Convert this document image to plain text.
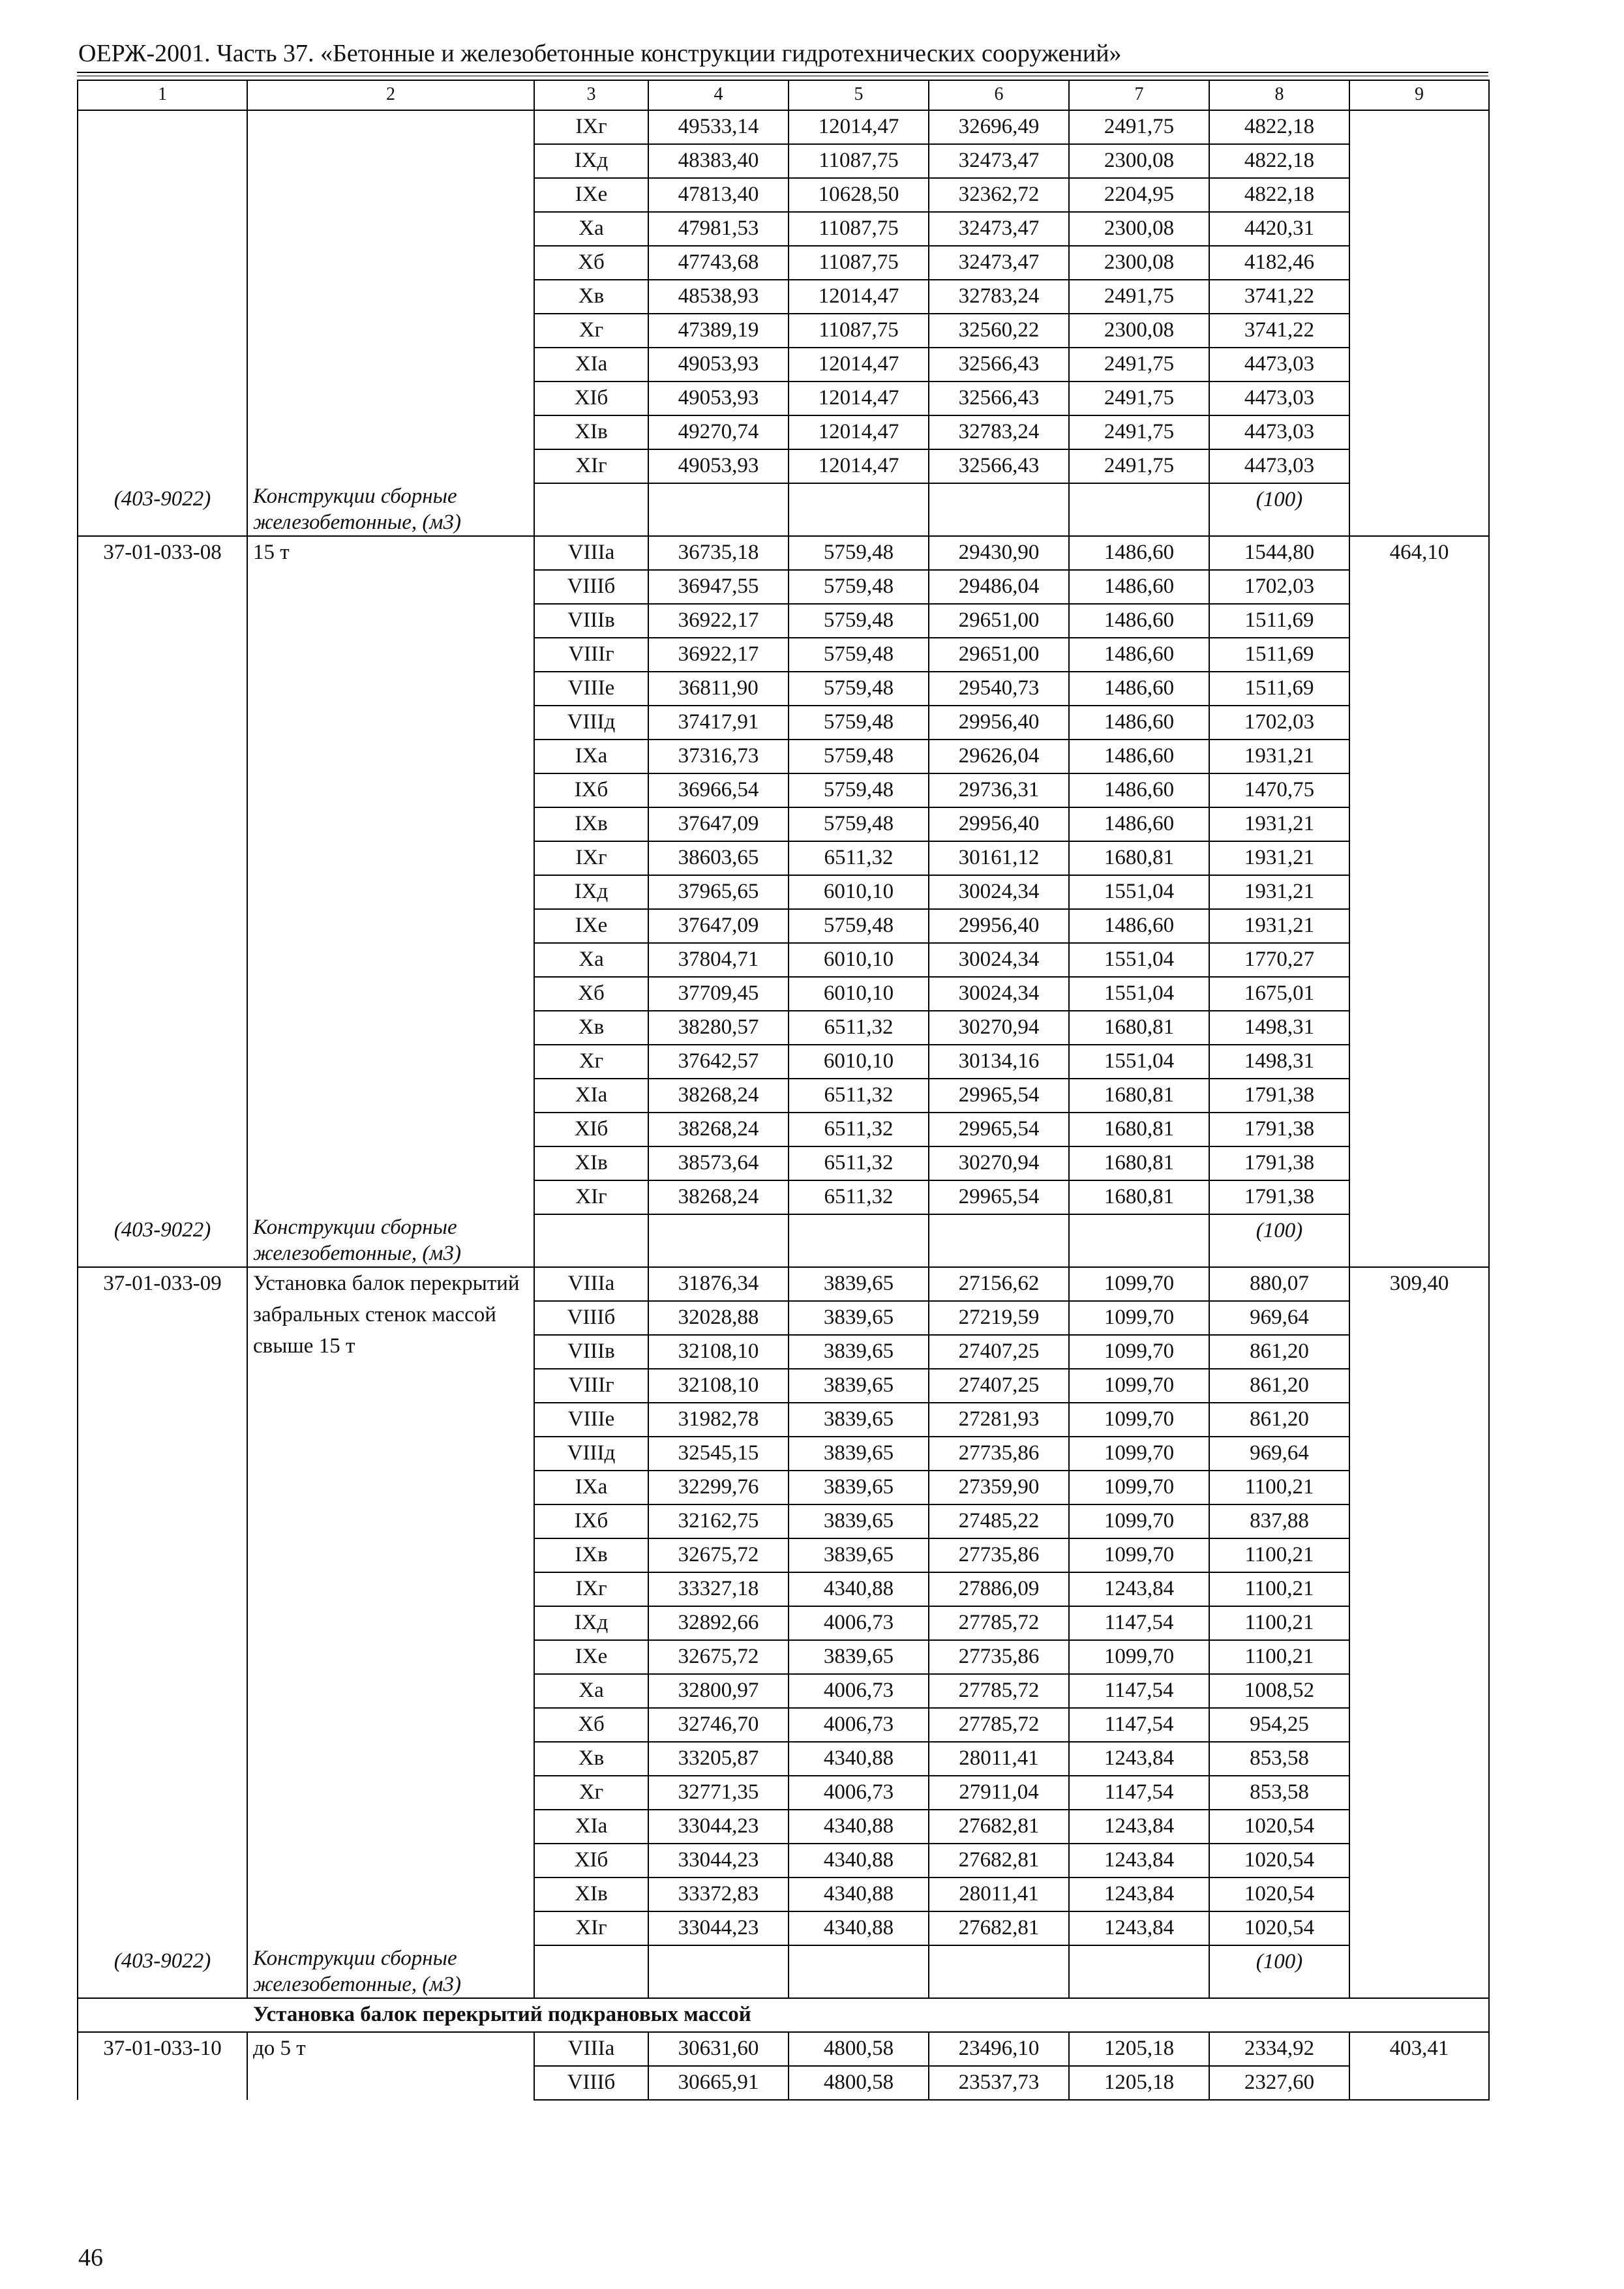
ОЕРЖ-2001. Часть 37. «Бетонные и железобетонные конструкции гидротехнических сооружений»
1	2	3	4	5	6	7	8	9
		IXг	49533,14	12014,47	32696,49	2491,75	4822,18	
		IXд	48383,40	11087,75	32473,47	2300,08	4822,18	
		IXе	47813,40	10628,50	32362,72	2204,95	4822,18	
		Xа	47981,53	11087,75	32473,47	2300,08	4420,31	
		Xб	47743,68	11087,75	32473,47	2300,08	4182,46	
		Xв	48538,93	12014,47	32783,24	2491,75	3741,22	
		Xг	47389,19	11087,75	32560,22	2300,08	3741,22	
		XIа	49053,93	12014,47	32566,43	2491,75	4473,03	
		XIб	49053,93	12014,47	32566,43	2491,75	4473,03	
		XIв	49270,74	12014,47	32783,24	2491,75	4473,03	
		XIг	49053,93	12014,47	32566,43	2491,75	4473,03	
(403-9022)	Конструкции сборные железобетонные, (м3)						(100)	
37-01-033-08	15 т	VIIIа	36735,18	5759,48	29430,90	1486,60	1544,80	464,10
		VIIIб	36947,55	5759,48	29486,04	1486,60	1702,03	
		VIIIв	36922,17	5759,48	29651,00	1486,60	1511,69	
		VIIIг	36922,17	5759,48	29651,00	1486,60	1511,69	
		VIIIе	36811,90	5759,48	29540,73	1486,60	1511,69	
		VIIIд	37417,91	5759,48	29956,40	1486,60	1702,03	
		IXа	37316,73	5759,48	29626,04	1486,60	1931,21	
		IXб	36966,54	5759,48	29736,31	1486,60	1470,75	
		IXв	37647,09	5759,48	29956,40	1486,60	1931,21	
		IXг	38603,65	6511,32	30161,12	1680,81	1931,21	
		IXд	37965,65	6010,10	30024,34	1551,04	1931,21	
		IXе	37647,09	5759,48	29956,40	1486,60	1931,21	
		Xа	37804,71	6010,10	30024,34	1551,04	1770,27	
		Xб	37709,45	6010,10	30024,34	1551,04	1675,01	
		Xв	38280,57	6511,32	30270,94	1680,81	1498,31	
		Xг	37642,57	6010,10	30134,16	1551,04	1498,31	
		XIа	38268,24	6511,32	29965,54	1680,81	1791,38	
		XIб	38268,24	6511,32	29965,54	1680,81	1791,38	
		XIв	38573,64	6511,32	30270,94	1680,81	1791,38	
		XIг	38268,24	6511,32	29965,54	1680,81	1791,38	
(403-9022)	Конструкции сборные железобетонные, (м3)						(100)	
37-01-033-09	Установка балок перекрытий забральных стенок массой свыше 15 т	VIIIа	31876,34	3839,65	27156,62	1099,70	880,07	309,40
		VIIIб	32028,88	3839,65	27219,59	1099,70	969,64	
		VIIIв	32108,10	3839,65	27407,25	1099,70	861,20	
		VIIIг	32108,10	3839,65	27407,25	1099,70	861,20	
		VIIIе	31982,78	3839,65	27281,93	1099,70	861,20	
		VIIIд	32545,15	3839,65	27735,86	1099,70	969,64	
		IXа	32299,76	3839,65	27359,90	1099,70	1100,21	
		IXб	32162,75	3839,65	27485,22	1099,70	837,88	
		IXв	32675,72	3839,65	27735,86	1099,70	1100,21	
		IXг	33327,18	4340,88	27886,09	1243,84	1100,21	
		IXд	32892,66	4006,73	27785,72	1147,54	1100,21	
		IXе	32675,72	3839,65	27735,86	1099,70	1100,21	
		Xа	32800,97	4006,73	27785,72	1147,54	1008,52	
		Xб	32746,70	4006,73	27785,72	1147,54	954,25	
		Xв	33205,87	4340,88	28011,41	1243,84	853,58	
		Xг	32771,35	4006,73	27911,04	1147,54	853,58	
		XIа	33044,23	4340,88	27682,81	1243,84	1020,54	
		XIб	33044,23	4340,88	27682,81	1243,84	1020,54	
		XIв	33372,83	4340,88	28011,41	1243,84	1020,54	
		XIг	33044,23	4340,88	27682,81	1243,84	1020,54	
(403-9022)	Конструкции сборные железобетонные, (м3)						(100)	
Установка балок перекрытий подкрановых массой								
37-01-033-10	до 5 т	VIIIа	30631,60	4800,58	23496,10	1205,18	2334,92	403,41
		VIIIб	30665,91	4800,58	23537,73	1205,18	2327,60	
46
